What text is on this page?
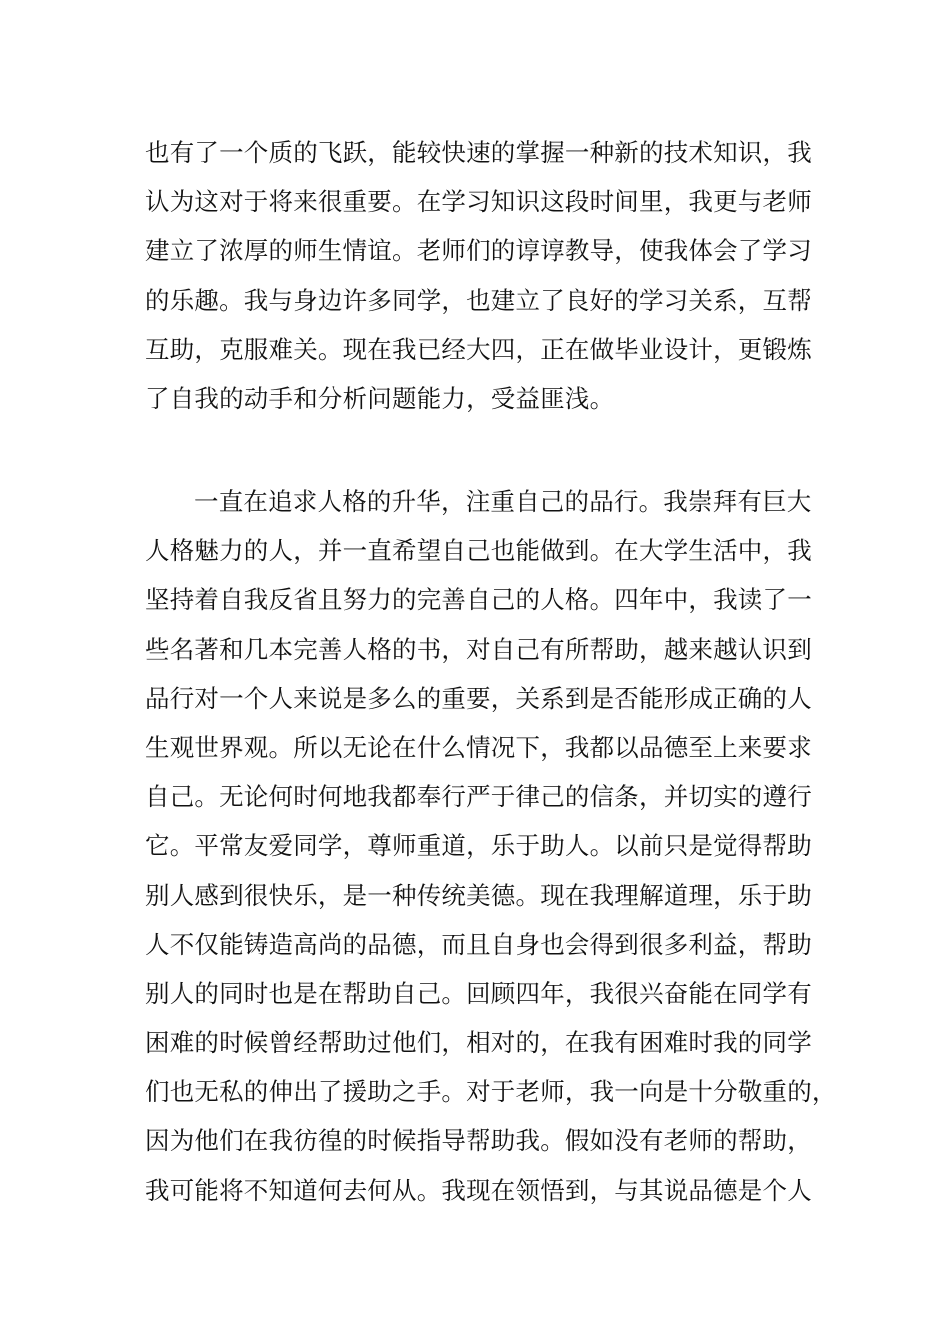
也有了一个质的飞跃，能较快速的掌握一种新的技术知识，我
认为这对于将来很重要。在学习知识这段时间里，我更与老师
建立了浓厚的师生情谊。老师们的谆谆教导，使我体会了学习
的乐趣。我与身边许多同学，也建立了良好的学习关系，互帮
互助，克服难关。现在我已经大四，正在做毕业设计，更锻炼
了自我的动手和分析问题能力，受益匪浅。
一直在追求人格的升华，注重自己的品行。我崇拜有巨大
人格魅力的人，并一直希望自己也能做到。在大学生活中，我
坚持着自我反省且努力的完善自己的人格。四年中，我读了一
些名著和几本完善人格的书，对自己有所帮助，越来越认识到
品行对一个人来说是多么的重要，关系到是否能形成正确的人
生观世界观。所以无论在什么情况下，我都以品德至上来要求
自己。无论何时何地我都奉行严于律己的信条，并切实的遵行
它。平常友爱同学，尊师重道，乐于助人。以前只是觉得帮助
别人感到很快乐，是一种传统美德。现在我理解道理，乐于助
人不仅能铸造高尚的品德，而且自身也会得到很多利益，帮助
别人的同时也是在帮助自己。回顾四年，我很兴奋能在同学有
困难的时候曾经帮助过他们，相对的，在我有困难时我的同学
们也无私的伸出了援助之手。对于老师，我一向是十分敬重的，
因为他们在我彷徨的时候指导帮助我。假如没有老师的帮助，
我可能将不知道何去何从。我现在领悟到，与其说品德是个人
